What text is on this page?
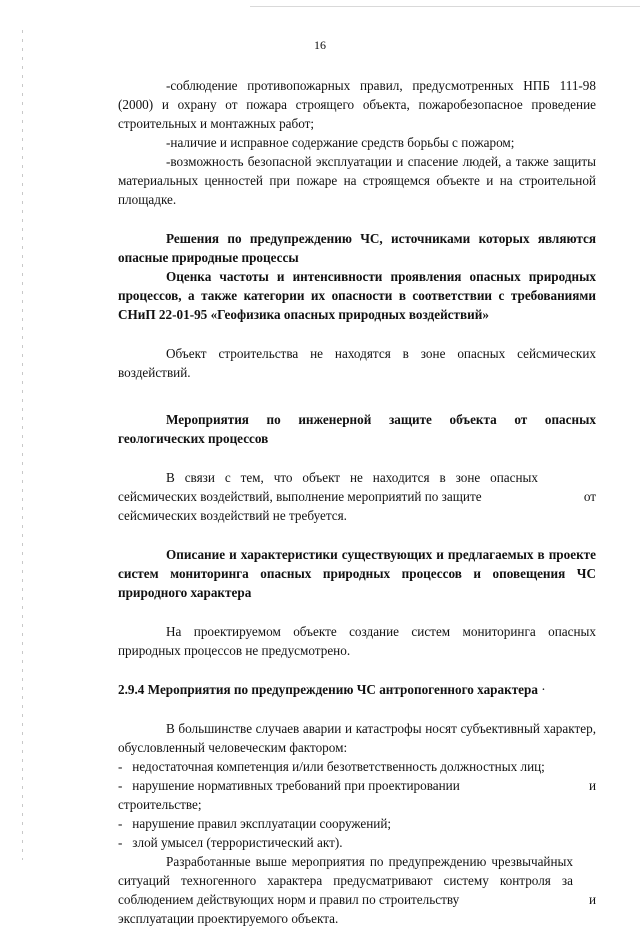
16

-соблюдение противопожарных правил, предусмотренных НПБ 111-98 (2000) и охрану от пожара строящего объекта, пожаробезопасное проведение строительных и монтажных работ;

-наличие и исправное содержание средств борьбы с пожаром;

-возможность безопасной эксплуатации и спасение людей, а также защиты материальных ценностей при пожаре на строящемся объекте и на строительной площадке.

Решения по предупреждению ЧС, источниками которых являются опасные природные процессы

Оценка частоты и интенсивности проявления опасных природных процессов, а также категории их опасности в соответствии с требованиями СНиП 22-01-95 «Геофизика опасных природных воздействий»

Объект строительства не находятся в зоне опасных сейсмических воздействий.

Мероприятия по инженерной защите объекта от опасных геологических процессов

В связи с тем, что объект не находится в зоне опасных сейсмических воздействий, выполнение мероприятий по защите	от

сейсмических воздействий не требуется.

Описание и характеристики существующих и предлагаемых в проекте систем мониторинга опасных природных процессов и оповещения ЧС природного характера

На проектируемом объекте создание систем мониторинга опасных природных процессов не предусмотрено.

2.9.4 Мероприятия по предупреждению ЧС антропогенного характера ·

В большинстве случаев аварии и катастрофы носят субъективный характер, обусловленный человеческим фактором:

-   недостаточная компетенция и/или безответственность должностных лиц;

-   нарушение нормативных требований при проектировании	и

строительстве;

-   нарушение правил эксплуатации сооружений;

-   злой умысел (террористический акт).

Разработанные выше мероприятия по предупреждению чрезвычайных ситуаций техногенного характера предусматривают систему контроля за соблюдением действующих норм и правил по строительству	и

эксплуатации проектируемого объекта.
